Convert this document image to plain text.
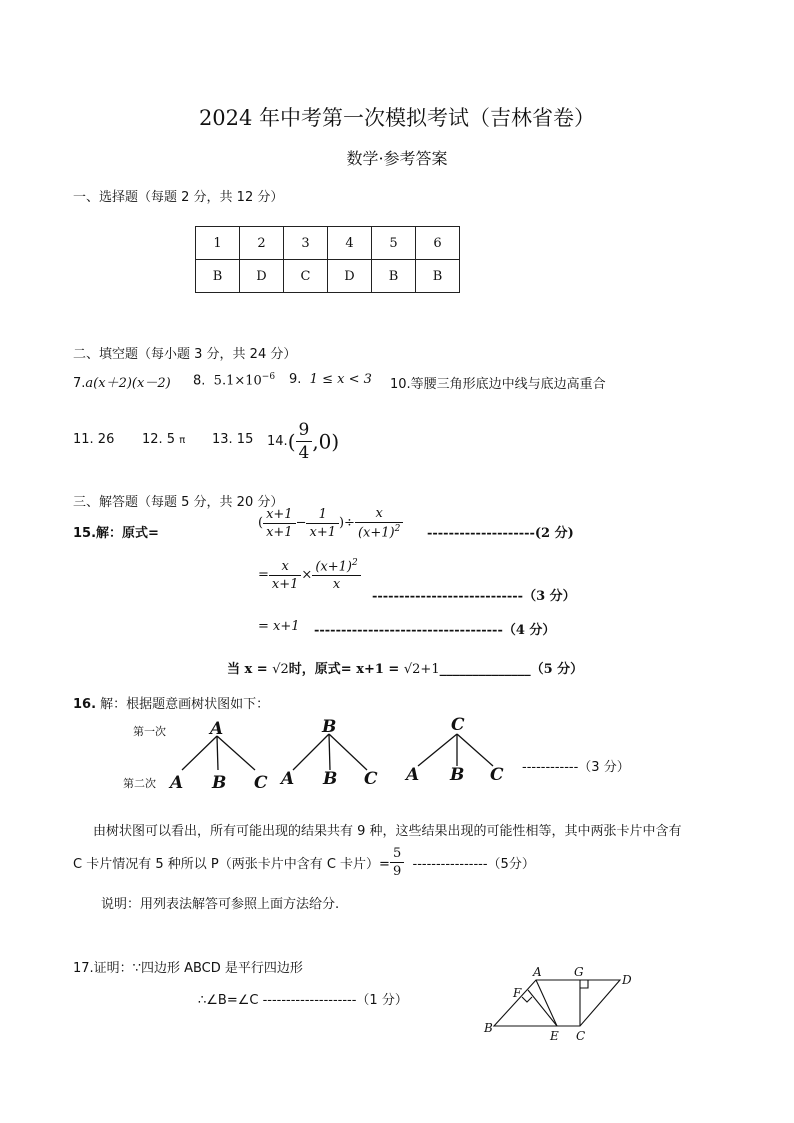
2024 年中考第一次模拟考试（吉林省卷）
数学·参考答案
一、选择题（每题 2 分，共 12 分）
1	2	3	4	5	6
B	D	C	D	B	B
二、填空题（每小题 3 分，共 24 分）
7.a(x＋2)(x－2) 8. $5.1\times 10^{-6}$ 9. 1 ≤ x < 3 10.等腰三角形底边中线与底边高重合
11. 26 12. 5 π 13. 15 $14.( \frac{9}{4} ,0)$
三、解答题（每题 5 分，共 20 分）
15.解：原式=
( $\frac{x+1}{x+1} - \frac{1}{x+1}$ )÷ $\frac{x}{(x+1)^2} --------------------(2$ 分)
= $\frac{x}{x+1} \times \frac{(x+1)^2}{x}$
----------------------------（3 分）
= x+1 -----------------------------------（4 分）
当 x = √2时，原式= x+1 = √2+1______________（5 分）
16. 解：根据题意画树状图如下：
第一次
第二次
A	B	C
A B C A B C A B C ------------（3 分）
由树状图可以看出，所有可能出现的结果共有 9 种，这些结果出现的可能性相等，其中两张卡片中含有
C 卡片情况有 5 种所以 P（两张卡片中含有 C 卡片）= $\frac{5}{9} ----------------(5$分）
说明：用列表法解答可参照上面方法给分.
17.证明：∵四边形 ABCD 是平行四边形
∴∠B=∠C --------------------（1 分）
A	G
D
F
B
E C
